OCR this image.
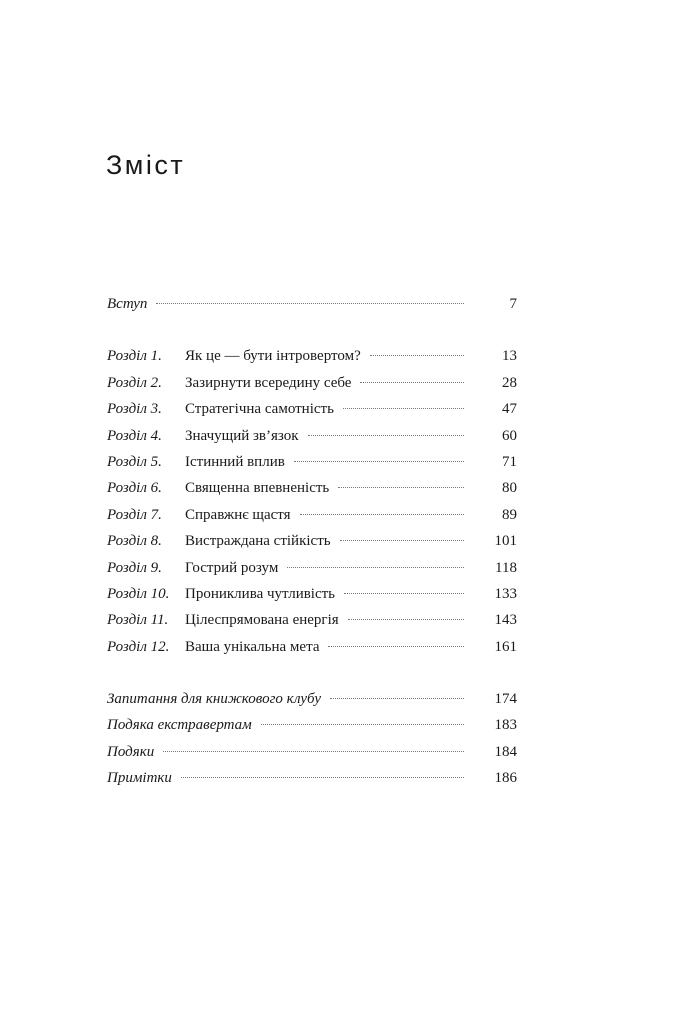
Зміст
Вступ	7
Розділ 1.	Як це — бути інтровертом?	13
Розділ 2.	Зазирнути всередину себе	28
Розділ 3.	Стратегічна самотність	47
Розділ 4.	Значущий зв’язок	60
Розділ 5.	Істинний вплив	71
Розділ 6.	Священна впевненість	80
Розділ 7.	Справжнє щастя	89
Розділ 8.	Вистраждана стійкість	101
Розділ 9.	Гострий розум	118
Розділ 10.	Прониклива чутливість	133
Розділ 11.	Цілеспрямована енергія	143
Розділ 12.	Ваша унікальна мета	161
Запитання для книжкового клубу	174
Подяка екстравертам	183
Подяки	184
Примітки	186
